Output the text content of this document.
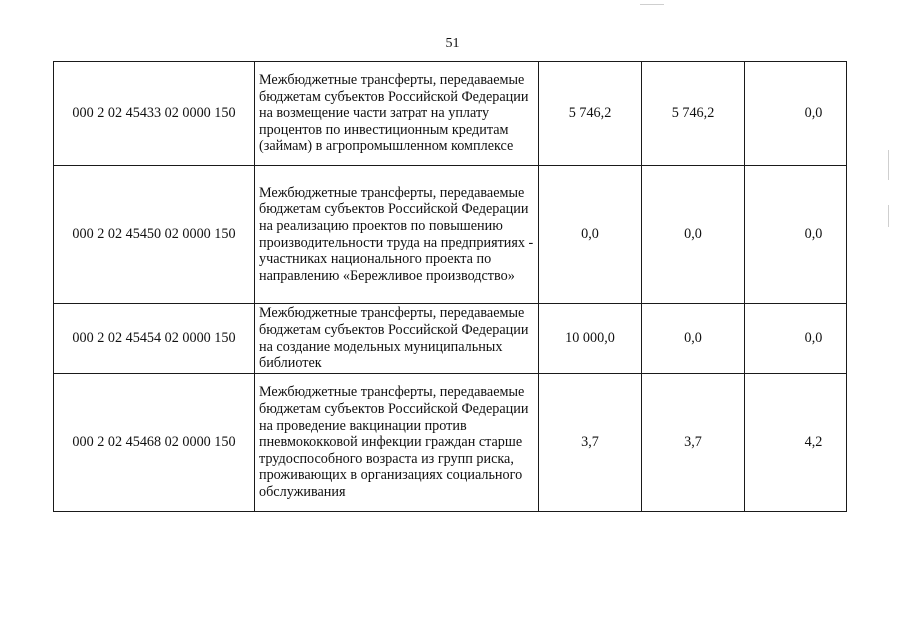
51
000 2 02 45433 02 0000 150	Межбюджетные трансферты, передаваемые бюджетам субъектов Российской Федерации на возмещение части затрат на уплату процентов по инвестиционным кредитам (займам) в агропромышленном комплексе	5 746,2	5 746,2	0,0
000 2 02 45450 02 0000 150	Межбюджетные трансферты, передаваемые бюджетам субъектов Российской Федерации на реализацию проектов по повышению производительности труда на предприятиях - участниках национального проекта по направлению «Бережливое производство»	0,0	0,0	0,0
000 2 02 45454 02 0000 150	Межбюджетные трансферты, передаваемые бюджетам субъектов Российской Федерации на создание модельных муниципальных библиотек	10 000,0	0,0	0,0
000 2 02 45468 02 0000 150	Межбюджетные трансферты, передаваемые бюджетам субъектов Российской Федерации на проведение вакцинации против пневмококковой инфекции граждан старше трудоспособного возраста из групп риска, проживающих в организациях социального обслуживания	3,7	3,7	4,2
